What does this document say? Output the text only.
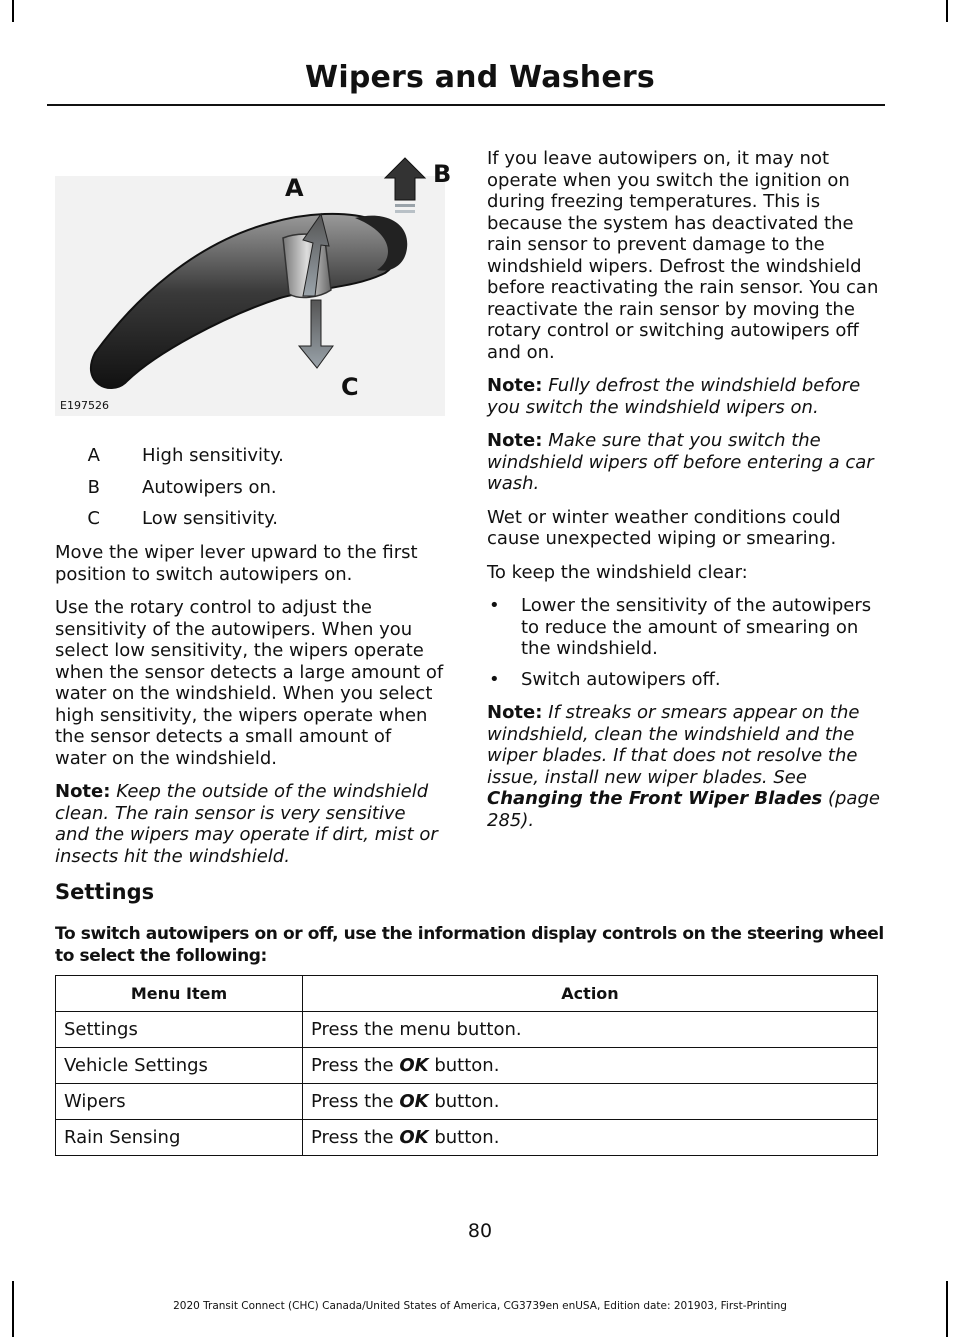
Wipers and Washers
A	B
C
E197526
A	High sensitivity.
B	Autowipers on.
C	Low sensitivity.

Move the wiper lever upward to the first position to switch autowipers on.

Use the rotary control to adjust the sensitivity of the autowipers. When you select low sensitivity, the wipers operate when the sensor detects a large amount of water on the windshield. When you select high sensitivity, the wipers operate when the sensor detects a small amount of water on the windshield.

Note: Keep the outside of the windshield clean. The rain sensor is very sensitive and the wipers may operate if dirt, mist or insects hit the windshield.

If you leave autowipers on, it may not operate when you switch the ignition on during freezing temperatures. This is because the system has deactivated the rain sensor to prevent damage to the windshield wipers. Defrost the windshield before reactivating the rain sensor. You can reactivate the rain sensor by moving the rotary control or switching autowipers off and on.

Note: Fully defrost the windshield before you switch the windshield wipers on.

Note: Make sure that you switch the windshield wipers off before entering a car wash.

Wet or winter weather conditions could cause unexpected wiping or smearing.

To keep the windshield clear:

• Lower the sensitivity of the autowipers to reduce the amount of smearing on the windshield.
• Switch autowipers off.

Note: If streaks or smears appear on the windshield, clean the windshield and the wiper blades. If that does not resolve the issue, install new wiper blades. See Changing the Front Wiper Blades (page 285).

Settings
To switch autowipers on or off, use the information display controls on the steering wheel to select the following:
Menu Item	Action
Settings	Press the menu button.
Vehicle Settings	Press the OK button.
Wipers	Press the OK button.
Rain Sensing	Press the OK button.
80
2020 Transit Connect (CHC) Canada/United States of America, CG3739en enUSA, Edition date: 201903, First-Printing
